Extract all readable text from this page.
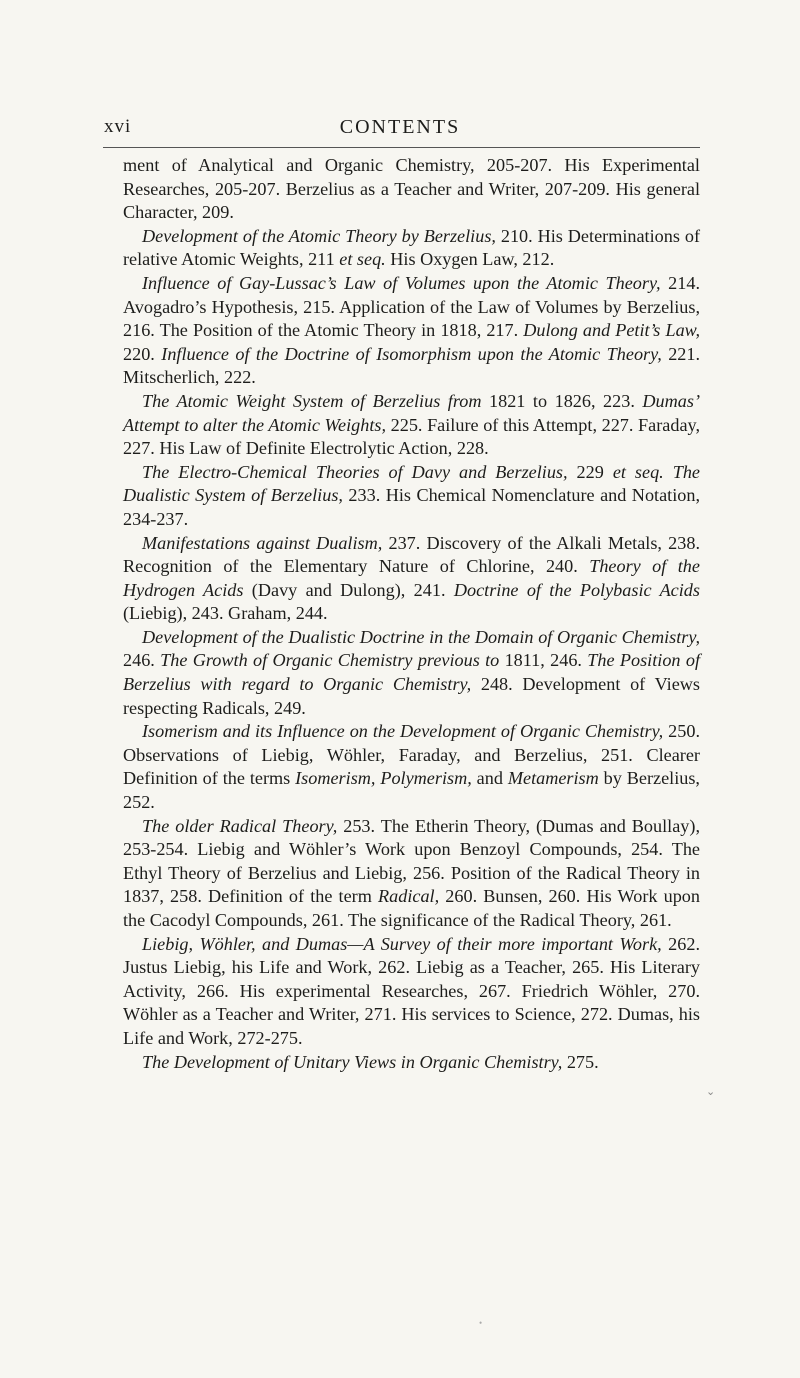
xvi	CONTENTS

ment of Analytical and Organic Chemistry, 205-207. His Experimental Researches, 205-207. Berzelius as a Teacher and Writer, 207-209. His general Character, 209.

Development of the Atomic Theory by Berzelius, 210. His Determinations of relative Atomic Weights, 211 et seq. His Oxygen Law, 212.

Influence of Gay-Lussac’s Law of Volumes upon the Atomic Theory, 214. Avogadro’s Hypothesis, 215. Application of the Law of Volumes by Berzelius, 216. The Position of the Atomic Theory in 1818, 217. Dulong and Petit’s Law, 220. Influence of the Doctrine of Isomorphism upon the Atomic Theory, 221. Mitscherlich, 222.

The Atomic Weight System of Berzelius from 1821 to 1826, 223. Dumas’ Attempt to alter the Atomic Weights, 225. Failure of this Attempt, 227. Faraday, 227. His Law of Definite Electrolytic Action, 228.

The Electro-Chemical Theories of Davy and Berzelius, 229 et seq. The Dualistic System of Berzelius, 233. His Chemical Nomenclature and Notation, 234-237.

Manifestations against Dualism, 237. Discovery of the Alkali Metals, 238. Recognition of the Elementary Nature of Chlorine, 240. Theory of the Hydrogen Acids (Davy and Dulong), 241. Doctrine of the Polybasic Acids (Liebig), 243. Graham, 244.

Development of the Dualistic Doctrine in the Domain of Organic Chemistry, 246. The Growth of Organic Chemistry previous to 1811, 246. The Position of Berzelius with regard to Organic Chemistry, 248. Development of Views respecting Radicals, 249.

Isomerism and its Influence on the Development of Organic Chemistry, 250. Observations of Liebig, Wöhler, Faraday, and Berzelius, 251. Clearer Definition of the terms Isomerism, Polymerism, and Metamerism by Berzelius, 252.

The older Radical Theory, 253. The Etherin Theory, (Dumas and Boullay), 253-254. Liebig and Wöhler’s Work upon Benzoyl Compounds, 254. The Ethyl Theory of Berzelius and Liebig, 256. Position of the Radical Theory in 1837, 258. Definition of the term Radical, 260. Bunsen, 260. His Work upon the Cacodyl Compounds, 261. The significance of the Radical Theory, 261.

Liebig, Wöhler, and Dumas—A Survey of their more important Work, 262. Justus Liebig, his Life and Work, 262. Liebig as a Teacher, 265. His Literary Activity, 266. His experimental Researches, 267. Friedrich Wöhler, 270. Wöhler as a Teacher and Writer, 271. His services to Science, 272. Dumas, his Life and Work, 272-275.

The Development of Unitary Views in Organic Chemistry, 275.

⌄
•
